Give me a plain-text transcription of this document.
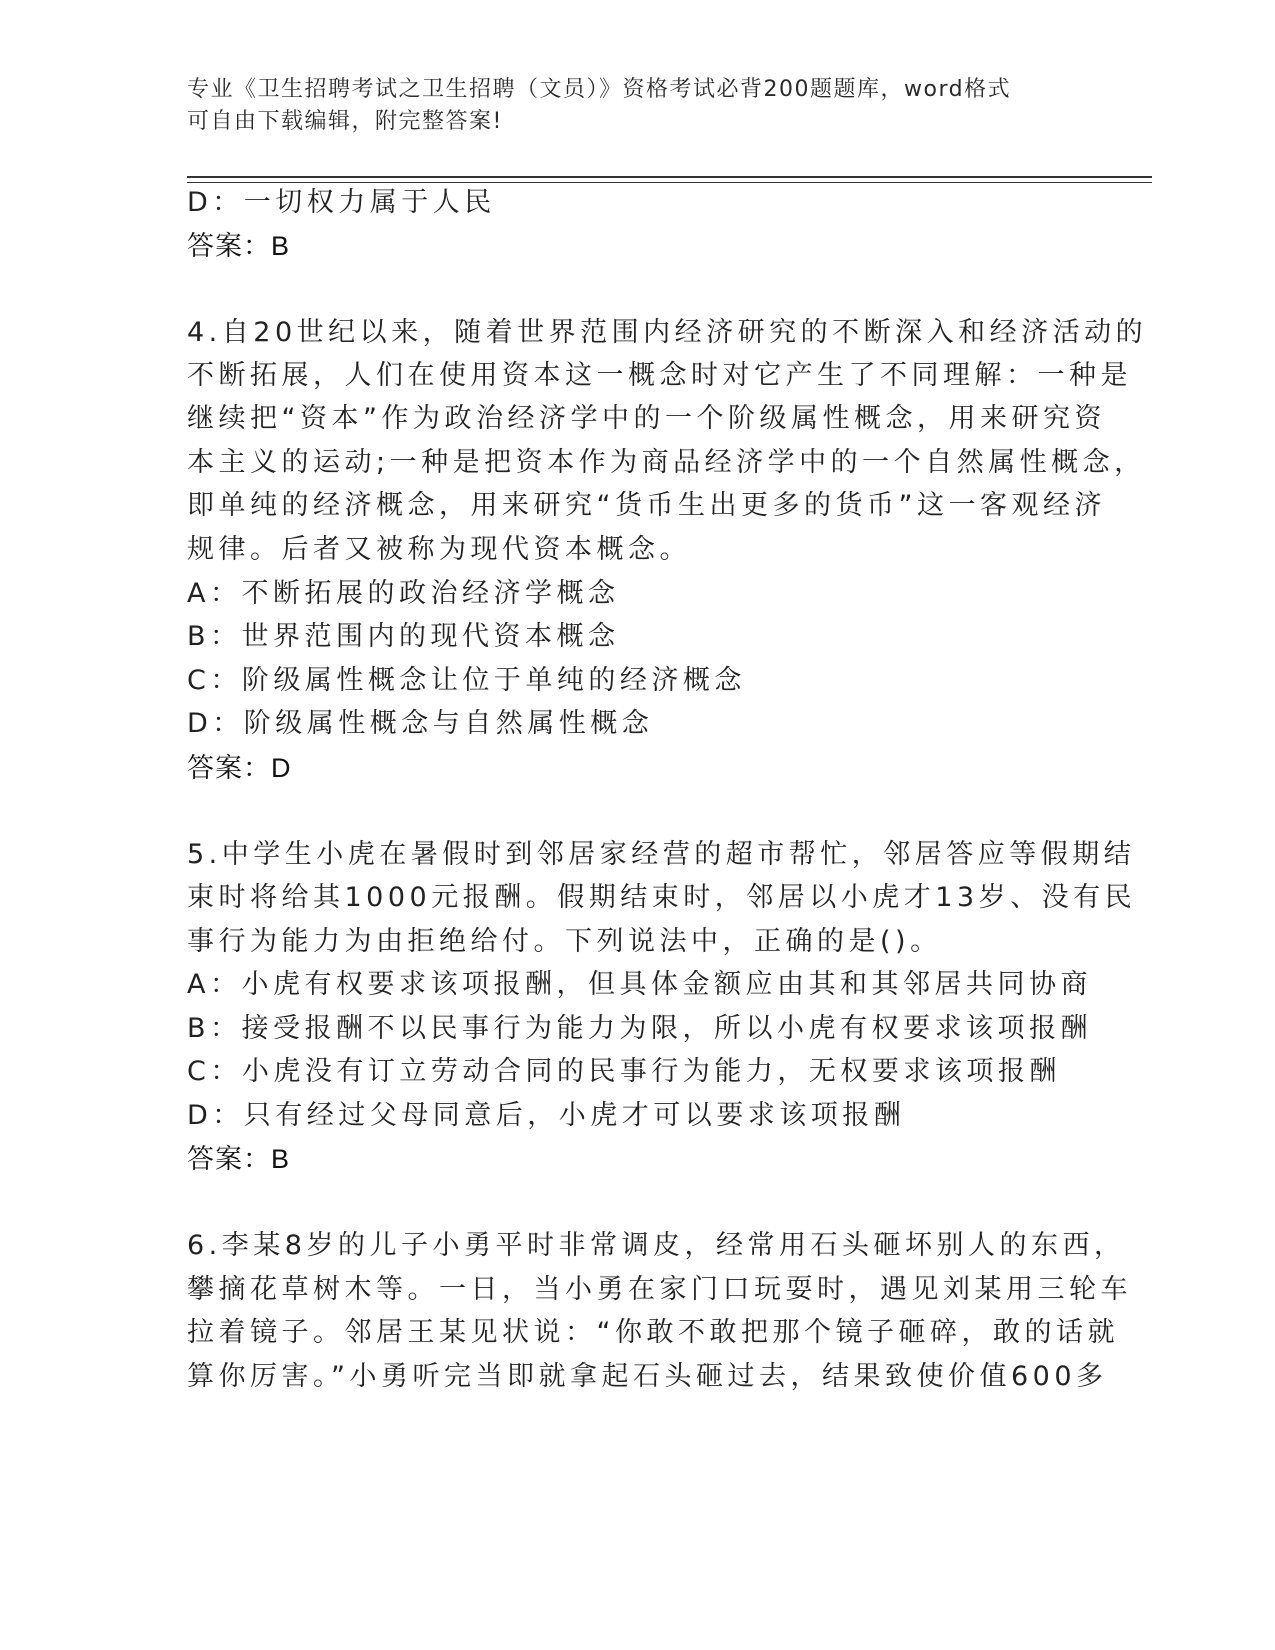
专业《卫生招聘考试之卫生招聘（文员）》资格考试必背200题题库，word格式
可自由下载编辑，附完整答案!
D：一切权力属于人民
答案：B
4.自20世纪以来，随着世界范围内经济研究的不断深入和经济活动的
不断拓展，人们在使用资本这一概念时对它产生了不同理解：一种是
继续把“资本”作为政治经济学中的一个阶级属性概念，用来研究资
本主义的运动;一种是把资本作为商品经济学中的一个自然属性概念，
即单纯的经济概念，用来研究“货币生出更多的货币”这一客观经济
规律。后者又被称为现代资本概念。
A：不断拓展的政治经济学概念
B：世界范围内的现代资本概念
C：阶级属性概念让位于单纯的经济概念
D：阶级属性概念与自然属性概念
答案：D
5.中学生小虎在暑假时到邻居家经营的超市帮忙，邻居答应等假期结
束时将给其1000元报酬。假期结束时，邻居以小虎才13岁、没有民
事行为能力为由拒绝给付。下列说法中，正确的是()。
A：小虎有权要求该项报酬，但具体金额应由其和其邻居共同协商
B：接受报酬不以民事行为能力为限，所以小虎有权要求该项报酬
C：小虎没有订立劳动合同的民事行为能力，无权要求该项报酬
D：只有经过父母同意后，小虎才可以要求该项报酬
答案：B
6.李某8岁的儿子小勇平时非常调皮，经常用石头砸坏别人的东西，
攀摘花草树木等。一日，当小勇在家门口玩耍时，遇见刘某用三轮车
拉着镜子。邻居王某见状说：“你敢不敢把那个镜子砸碎，敢的话就
算你厉害。”小勇听完当即就拿起石头砸过去，结果致使价值600多
